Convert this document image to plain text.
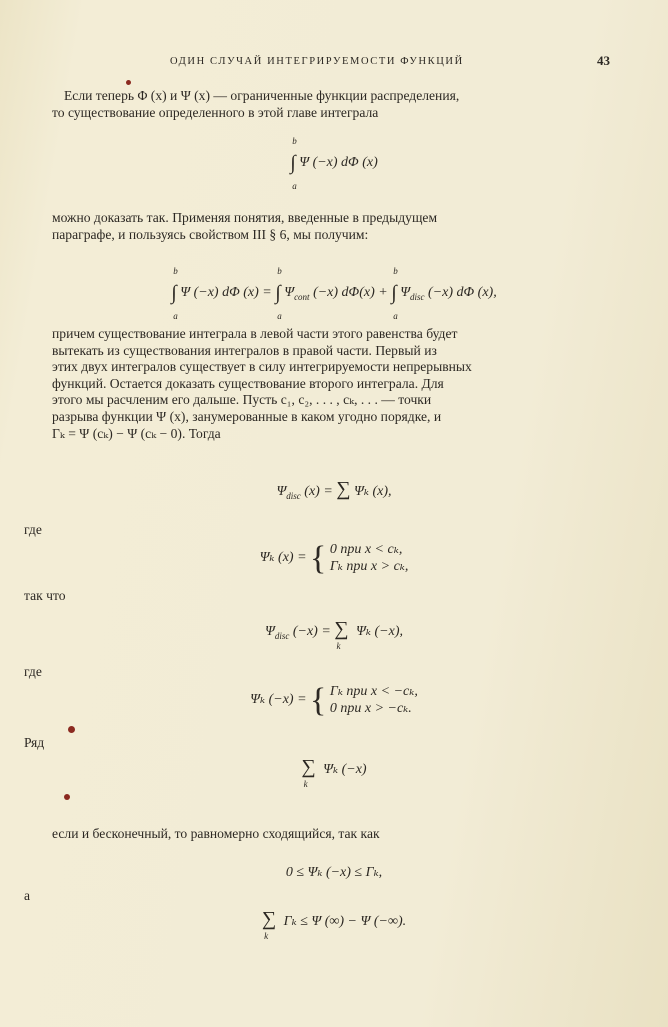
ОДИН СЛУЧАЙ ИНТЕГРИРУЕМОСТИ ФУНКЦИЙ	43
Если теперь Φ (x) и Ψ (x) — ограниченные функции распределения,
то существование определенного в этой главе интеграла
∫
b
a
Ψ (−x) dΦ (x)
можно доказать так. Применяя понятия, введенные в предыдущем
параграфе, и пользуясь свойством III § 6, мы получим:
∫
b
a
Ψ (−x) dΦ (x) = ∫
b
a
$\Psi_{cont}$ (−x) dΦ(x) + ∫
b
a
$\Psi_{disc}$ (−x) dΦ (x),
причем существование интеграла в левой части этого равенства будет
вытекать из существования интегралов в правой части. Первый из
этих двух интегралов существует в силу интегрируемости непрерывных
функций. Остается доказать существование второго интеграла. Для
этого мы расчленим его дальше. Пусть c₁, c₂, . . . , cₖ, . . . — точки
разрыва функции Ψ (x), занумерованные в каком угодно порядке, и
Γₖ = Ψ (cₖ) − Ψ (cₖ − 0). Тогда
$\Psi_{disc}$ (x) = ∑ Ψₖ (x),
где
Ψₖ (x) = { 0 при x < cₖ,
Γₖ при x > cₖ,
так что
$\Psi_{disc}$ $(-x) = \sum_k$ Ψₖ (−x),
где
Ψₖ (−x) = { Γₖ при x < −cₖ,
0 при x > −cₖ.
Ряд
$\sum_k$ Ψₖ (−x)
если и бесконечный, то равномерно сходящийся, так как
0 ≤ Ψₖ (−x) ≤ Γₖ,
а
$\sum_k$ Γₖ ≤ Ψ (∞) − Ψ (−∞).
